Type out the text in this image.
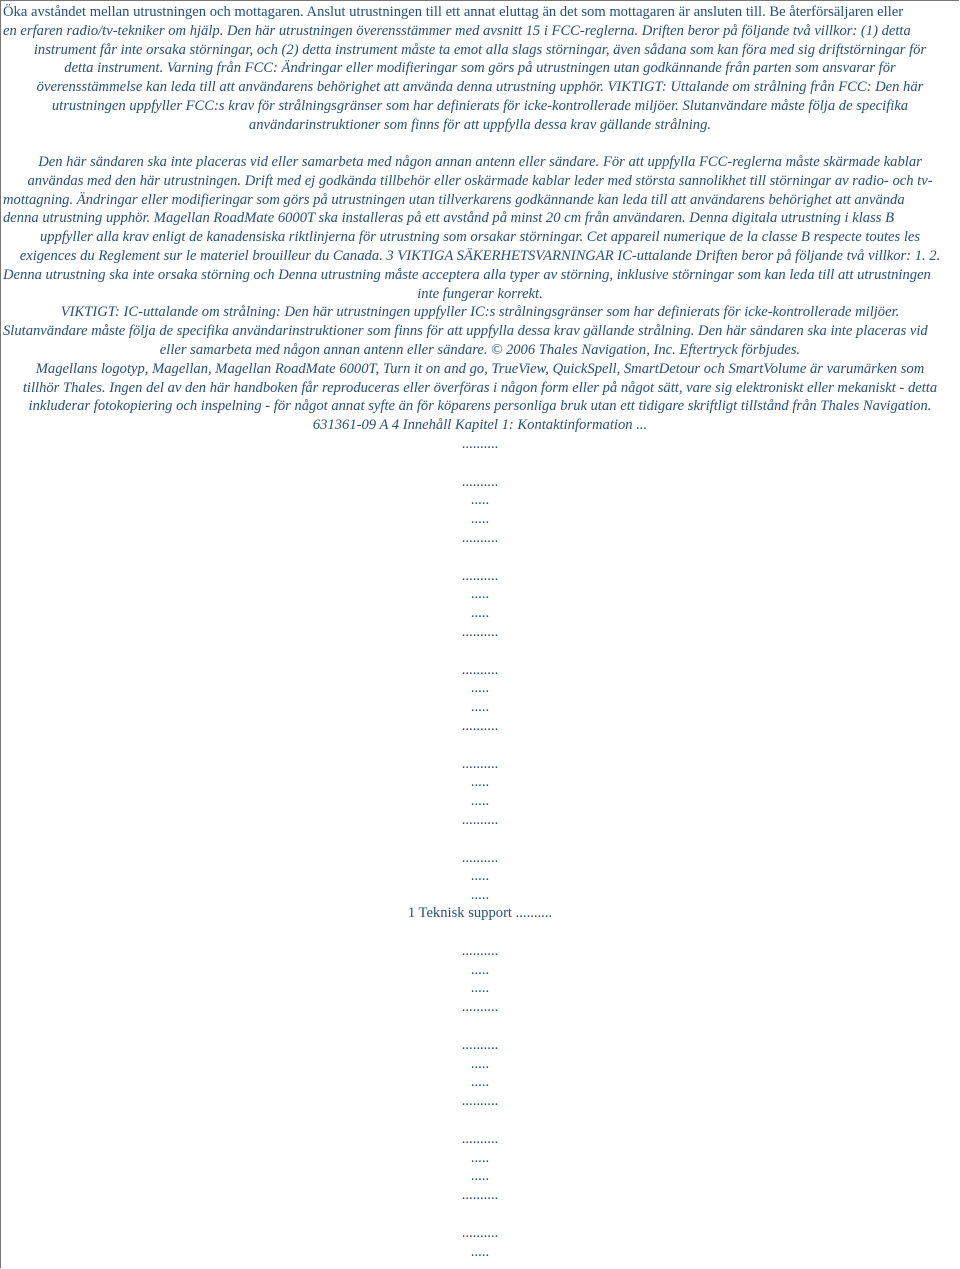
Öka avståndet mellan utrustningen och mottagaren. Anslut utrustningen till ett annat eluttag än det som mottagaren är ansluten till. Be återförsäljaren eller
en erfaren radio/tv-tekniker om hjälp. Den här utrustningen överensstämmer med avsnitt 15 i FCC-reglerna. Driften beror på följande två villkor: (1) detta
instrument får inte orsaka störningar, och (2) detta instrument måste ta emot alla slags störningar, även sådana som kan föra med sig driftstörningar för
detta instrument. Varning från FCC: Ändringar eller modifieringar som görs på utrustningen utan godkännande från parten som ansvarar för
överensstämmelse kan leda till att användarens behörighet att använda denna utrustning upphör. VIKTIGT: Uttalande om strålning från FCC: Den här
utrustningen uppfyller FCC:s krav för strålningsgränser som har definierats för icke-kontrollerade miljöer. Slutanvändare måste följa de specifika
användarinstruktioner som finns för att uppfylla dessa krav gällande strålning.
Den här sändaren ska inte placeras vid eller samarbeta med någon annan antenn eller sändare. För att uppfylla FCC-reglerna måste skärmade kablar
användas med den här utrustningen. Drift med ej godkända tillbehör eller oskärmade kablar leder med största sannolikhet till störningar av radio- och tv-
mottagning. Ändringar eller modifieringar som görs på utrustningen utan tillverkarens godkännande kan leda till att användarens behörighet att använda
denna utrustning upphör. Magellan RoadMate 6000T ska installeras på ett avstånd på minst 20 cm från användaren. Denna digitala utrustning i klass B
uppfyller alla krav enligt de kanadensiska riktlinjerna för utrustning som orsakar störningar. Cet appareil numerique de la classe B respecte toutes les
exigences du Reglement sur le materiel brouilleur du Canada. 3 VIKTIGA SÄKERHETSVARNINGAR IC-uttalande Driften beror på följande två villkor: 1. 2.
Denna utrustning ska inte orsaka störning och Denna utrustning måste acceptera alla typer av störning, inklusive störningar som kan leda till att utrustningen
inte fungerar korrekt.
VIKTIGT: IC-uttalande om strålning: Den här utrustningen uppfyller IC:s strålningsgränser som har definierats för icke-kontrollerade miljöer.
Slutanvändare måste följa de specifika användarinstruktioner som finns för att uppfylla dessa krav gällande strålning. Den här sändaren ska inte placeras vid
eller samarbeta med någon annan antenn eller sändare. © 2006 Thales Navigation, Inc. Eftertryck förbjudes.
Magellans logotyp, Magellan, Magellan RoadMate 6000T, Turn it on and go, TrueView, QuickSpell, SmartDetour och SmartVolume är varumärken som
tillhör Thales. Ingen del av den här handboken får reproduceras eller överföras i någon form eller på något sätt, vare sig elektroniskt eller mekaniskt - detta
inkluderar fotokopiering och inspelning - för något annat syfte än för köparens personliga bruk utan ett tidigare skriftligt tillstånd från Thales Navigation.
631361-09 A 4 Innehåll Kapitel 1: Kontaktinformation ...
..........
..........
.....
.....
..........
..........
.....
.....
..........
..........
.....
.....
..........
..........
.....
.....
..........
..........
.....
.....
1 Teknisk support ..........
..........
.....
.....
..........
..........
.....
.....
..........
..........
.....
.....
..........
..........
.....
